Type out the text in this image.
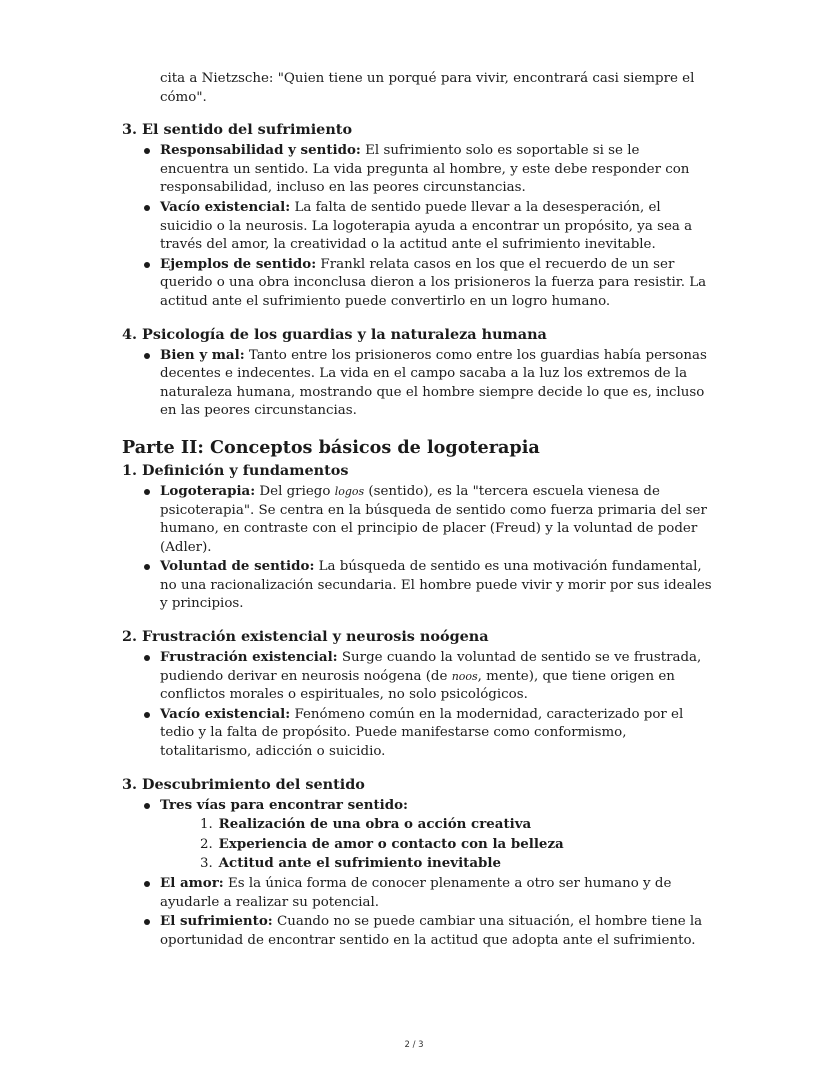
cita a Nietzsche: "Quien tiene un porqué para vivir, encontrará casi siempre el cómo".
3. El sentido del sufrimiento
Responsabilidad y sentido: El sufrimiento solo es soportable si se le encuentra un sentido. La vida pregunta al hombre, y este debe responder con responsabilidad, incluso en las peores circunstancias.
Vacío existencial: La falta de sentido puede llevar a la desesperación, el suicidio o la neurosis. La logoterapia ayuda a encontrar un propósito, ya sea a través del amor, la creatividad o la actitud ante el sufrimiento inevitable.
Ejemplos de sentido: Frankl relata casos en los que el recuerdo de un ser querido o una obra inconclusa dieron a los prisioneros la fuerza para resistir. La actitud ante el sufrimiento puede convertirlo en un logro humano.
4. Psicología de los guardias y la naturaleza humana
Bien y mal: Tanto entre los prisioneros como entre los guardias había personas decentes e indecentes. La vida en el campo sacaba a la luz los extremos de la naturaleza humana, mostrando que el hombre siempre decide lo que es, incluso en las peores circunstancias.
Parte II: Conceptos básicos de logoterapia
1. Definición y fundamentos
Logoterapia: Del griego logos (sentido), es la "tercera escuela vienesa de psicoterapia". Se centra en la búsqueda de sentido como fuerza primaria del ser humano, en contraste con el principio de placer (Freud) y la voluntad de poder (Adler).
Voluntad de sentido: La búsqueda de sentido es una motivación fundamental, no una racionalización secundaria. El hombre puede vivir y morir por sus ideales y principios.
2. Frustración existencial y neurosis noógena
Frustración existencial: Surge cuando la voluntad de sentido se ve frustrada, pudiendo derivar en neurosis noógena (de noos, mente), que tiene origen en conflictos morales o espirituales, no solo psicológicos.
Vacío existencial: Fenómeno común en la modernidad, caracterizado por el tedio y la falta de propósito. Puede manifestarse como conformismo, totalitarismo, adicción o suicidio.
3. Descubrimiento del sentido
Tres vías para encontrar sentido:
1. Realización de una obra o acción creativa
2. Experiencia de amor o contacto con la belleza
3. Actitud ante el sufrimiento inevitable
El amor: Es la única forma de conocer plenamente a otro ser humano y de ayudarle a realizar su potencial.
El sufrimiento: Cuando no se puede cambiar una situación, el hombre tiene la oportunidad de encontrar sentido en la actitud que adopta ante el sufrimiento.
2 / 3
